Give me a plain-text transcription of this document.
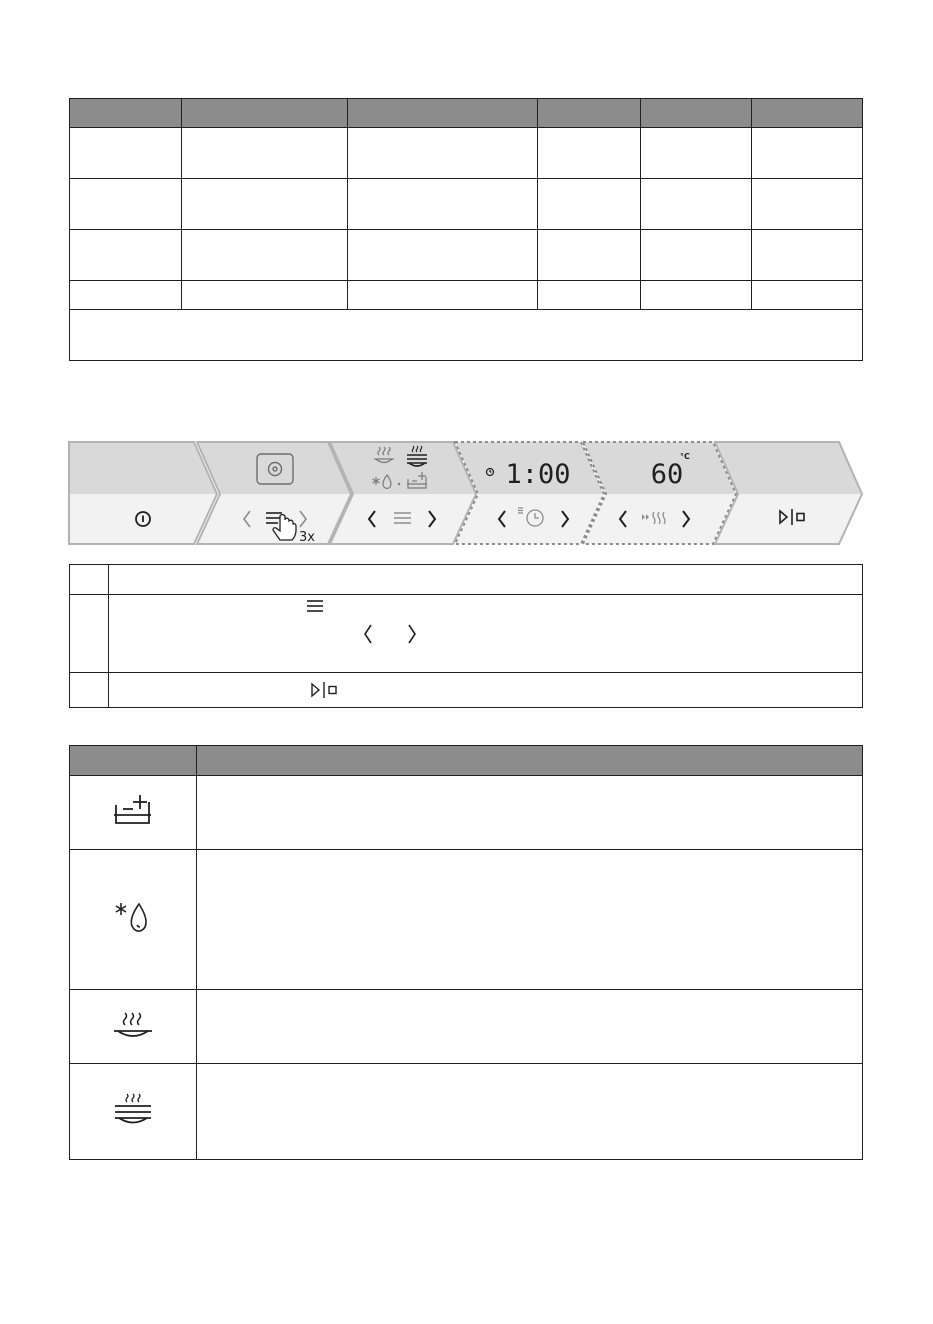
3x
1:00	60
°C
